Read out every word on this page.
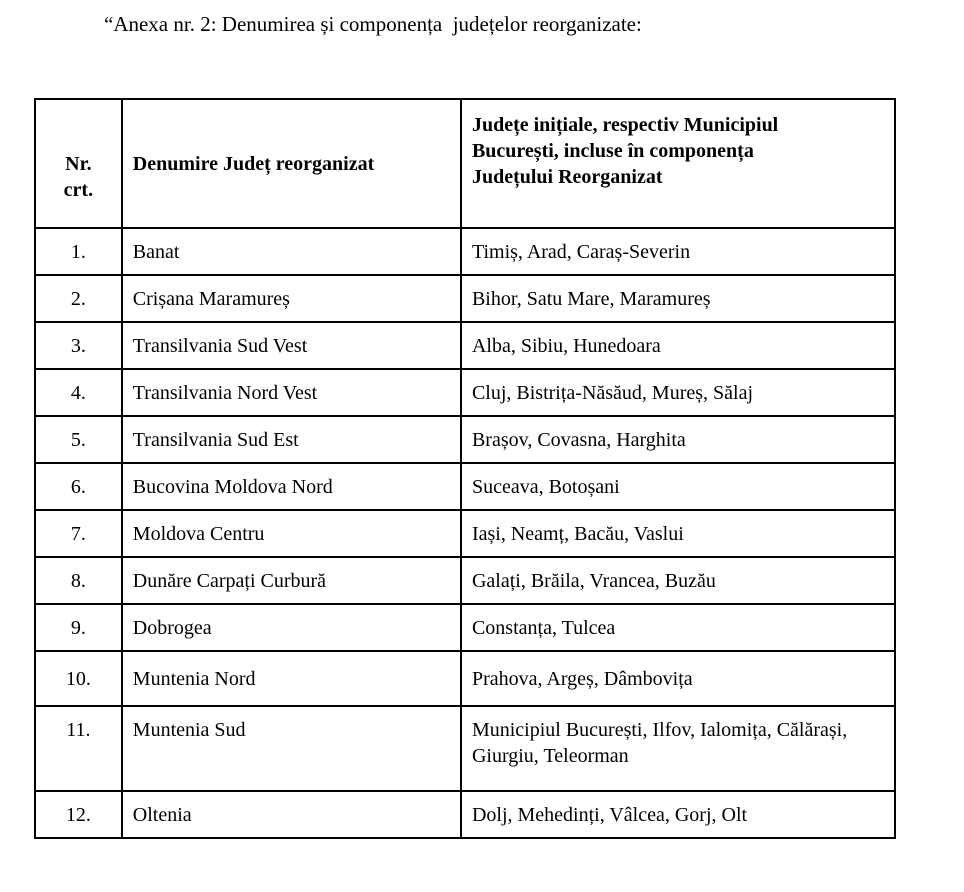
“Anexa nr. 2: Denumirea și componența  județelor reorganizate:
Nr.
crt.	Denumire Județ reorganizat	Județe inițiale, respectiv Municipiul București, incluse în componența Județului Reorganizat
1.	Banat	Timiș, Arad, Caraș-Severin
2.	Crișana Maramureș	Bihor, Satu Mare, Maramureș
3.	Transilvania Sud Vest	Alba, Sibiu, Hunedoara
4.	Transilvania Nord Vest	Cluj, Bistrița-Năsăud, Mureș, Sălaj
5.	Transilvania Sud Est	Brașov, Covasna, Harghita
6.	Bucovina Moldova Nord	Suceava, Botoșani
7.	Moldova Centru	Iași, Neamț, Bacău, Vaslui
8.	Dunăre Carpați Curbură	Galați, Brăila, Vrancea, Buzău
9.	Dobrogea	Constanța, Tulcea
10.	Muntenia Nord	Prahova, Argeș, Dâmbovița
11.	Muntenia Sud	Municipiul București, Ilfov, Ialomița, Călărași, Giurgiu, Teleorman
12.	Oltenia	Dolj, Mehedinți, Vâlcea, Gorj, Olt
